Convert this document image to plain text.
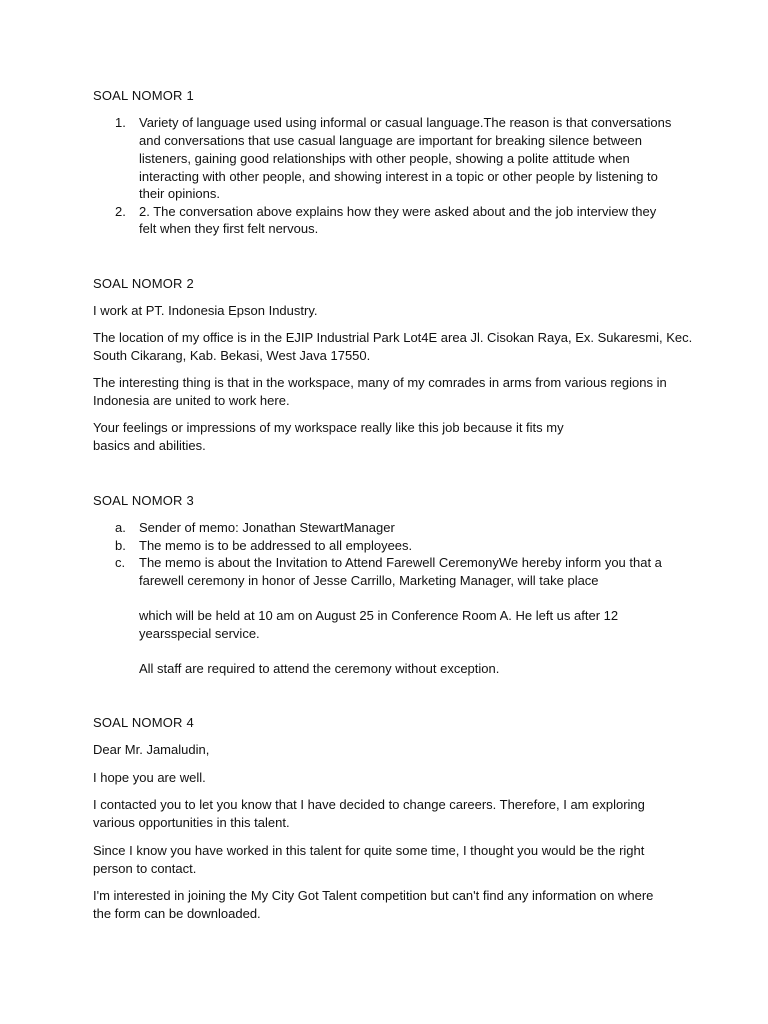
SOAL NOMOR 1
1. Variety of language used using informal or casual language.The reason is that conversations
and conversations that use casual language are important for breaking silence between
listeners, gaining good relationships with other people, showing a polite attitude when
interacting with other people, and showing interest in a topic or other people by listening to
their opinions.
2. 2. The conversation above explains how they were asked about and the job interview they
felt when they first felt nervous.
SOAL NOMOR 2
I work at PT. Indonesia Epson Industry.
The location of my office is in the EJIP Industrial Park Lot4E area Jl. Cisokan Raya, Ex. Sukaresmi, Kec.
South Cikarang, Kab. Bekasi, West Java 17550.
The interesting thing is that in the workspace, many of my comrades in arms from various regions in
Indonesia are united to work here.
Your feelings or impressions of my workspace really like this job because it fits my
basics and abilities.
SOAL NOMOR 3
a. Sender of memo: Jonathan StewartManager
b. The memo is to be addressed to all employees.
c. The memo is about the Invitation to Attend Farewell CeremonyWe hereby inform you that a
farewell ceremony in honor of Jesse Carrillo, Marketing Manager, will take place
which will be held at 10 am on August 25 in Conference Room A. He left us after 12
yearsspecial service.
All staff are required to attend the ceremony without exception.
SOAL NOMOR 4
Dear Mr. Jamaludin,
I hope you are well.
I contacted you to let you know that I have decided to change careers. Therefore, I am exploring
various opportunities in this talent.
Since I know you have worked in this talent for quite some time, I thought you would be the right
person to contact.
I'm interested in joining the My City Got Talent competition but can't find any information on where
the form can be downloaded.
